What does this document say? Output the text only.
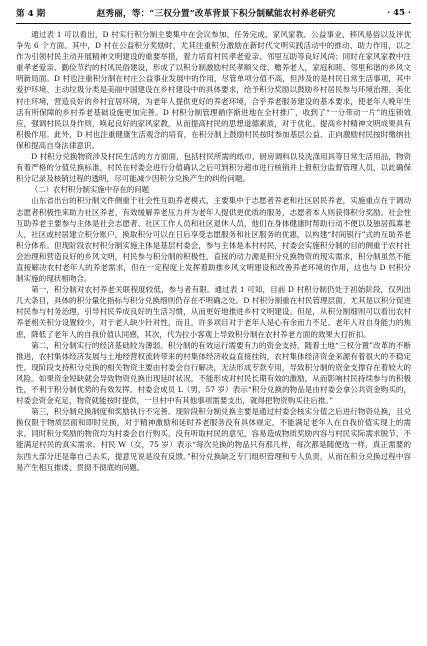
第 4 期	赵秀丽，等：“三权分置”改革背景下积分制赋能农村养老研究	· 45 ·

通过表 1 可以看出，D 村实行积分制主要集中在会议参加、任务完成、家风家教、公益事业、移风易俗以及评优争先 6 个方面。其中，D 村在公益积分奖励时，尤其注重积分激励在新时代文明实践活动中的推动、助力作用，以之作为引领村民主动开展精神文明建设的重要举措，着力培育村民孝老爱亲、邻里互助等良好风尚；同时在家风家教中注重孝老爱亲、勤俭节约的村风民俗建设，形成了以积分制激励村民孝顺父母、赡养老人，家庭和睦、邻里和谐的乡风文明新局面。D 村也注重积分制在村庄公益事业发展中的作用，尽管单项分值不高，但涉及的是村民日常生活事项，其中爱护环境、主动垃圾分类是美丽中国建设在乡村建设中的具体要求，给予积分奖励以鼓励乡村居民参与环境治理、美化村庄环境，营造良好的乡村宜居环境，为老年人提供更好的养老环境，合乎养老服务建设的基本要求，使老年人晚年生活有所保障的乡村养老基础设施更加完善。D 村积分制管理循序渐进地在全村推广，收到了“一分带动一片”的连锁效应，强调村民以身作则，唤起良好的家风家教，从而提高村民的思想道德素质，对于优化、提高乡村精神文明成果具有积极作用。此外，D 村也注重健康生活观念的培育，在积分制上鼓励村民按时参加基层公益、正向激励村民按时缴纳社保和提高自身法律意识。

D 村积分兑换物资涉及村民生活的方方面面，包括村民所需的纸巾、厨房调料以及洗涤用具等日常生活用品，物资有着严格的分值兑换标准，村民在村委会进行分值确认之后可到积分超市进行核销并上报积分监督管理人员，以此确保积分记录及核销过程的透明，尽可能减少因积分兑换产生的纠纷问题。

（二）农村积分制实施中存在的问题

山东省出台的积分制文件侧重于社会性互助养老模式，主要集中于志愿者养老和社区居民养老，实施重点在于调动志愿者积极性来助力社区养老，有效缓解养老压力并为老年人提供更优质的服务，志愿者本人则获得积分奖励。社会性互助养老主要参与主体是社会志愿者、社区工作人员和社区退休人员，他们在身体健康时帮助行动不便以及独居孤寡老人，社区或村居建立积分账户，换取积分可以在日后享受志愿服务和社区服务的优惠，以构建“时间银行”式的互助养老积分体系。但现阶段农村积分制实施主体是基层村委会，参与主体是本村村民，村委会实施积分制的目的侧重于农村社会治理和营造良好的乡风文明，村民参与积分制的积极性，直接的动力源是积分兑换物资的现实需求，积分制虽然不能直接解决农村老年人的养老需求，但在一定程度上发挥着助推乡风文明建设和改善养老环境的作用，这也与 D 村积分制实施的现状相吻合。

第一，积分制对农村养老关联程度较低，参与者有限。通过表 1 可知，目前 D 村积分制仍处于初始阶段，仅列出几大条目，具体的积分量化指标与积分兑换细则仍存在不明确之处。D 村积分制重在村民管理层面，尤其是以积分促进村民参与村务治理，引导村民养成良好的生活习惯，从而更好地推进乡村文明建设。但是，从积分制细则可以看出农村养老相关积分设置较少，对于老人缺少针对性，而且，许多项目对于老年人是心有余而力不足。老年人对自身能力的焦虑，降低了老年人的自我价值认同感，其次，代为拉小客观上导致积分制在农村养老方面的效果大打折扣。

第二，积分制实行的经济基础较为薄弱。积分制的有效运行需要有力的资金支持，随着土地“三权分置”改革的不断推进，农村集体经济发展与土地经营权流转带来的村集体经济收益直接挂钩，农村集体经济资金来源有着很大的不稳定性。现阶段支持积分兑换的相关物资主要由村委会自行解决，无法形成专款专用，导致积分制的资金支撑存在着较大的风险。如果资金短缺就会导致物资兑换出现延时状况，不能形成对村民长期有效的激励，从而影响村民持续参与的积极性，不利于积分制优势的有效发挥。村委会成员 L（男，57 岁）表示“积分兑换的物品是由村委会拿公共资金购买的，村委会资金充足，物资就能按时提供，一旦村中有其他事项需要支出，就得把物资购买往后推。”

第三，积分制兑换制度和奖励执行不完善。现阶段积分制兑换主要是通过村委会核实分值之后进行物资兑换，且兑换仅限于物质层面和即时兑换，对于精神激励和延时养老服务没有具体规定，不能满足老年人在自我价值实现上的需求。同时积分奖励的物资均为村委会自行购买，没有听取村民的意见，容易造成物质奖励内容与村民实际需求脱节，不能满足村民的真实需求。村民 W（女，75 岁）表示“每次兑换的物品只有那几样，每次都是随便选一样，真正需要的东西大部分还是靠自己去买，提意见说是没有反馈。”积分兑换缺乏专门组织管理和专人负责，从而在积分兑换过程中容易产生相互推诿、贯彻不彻底的问题。
